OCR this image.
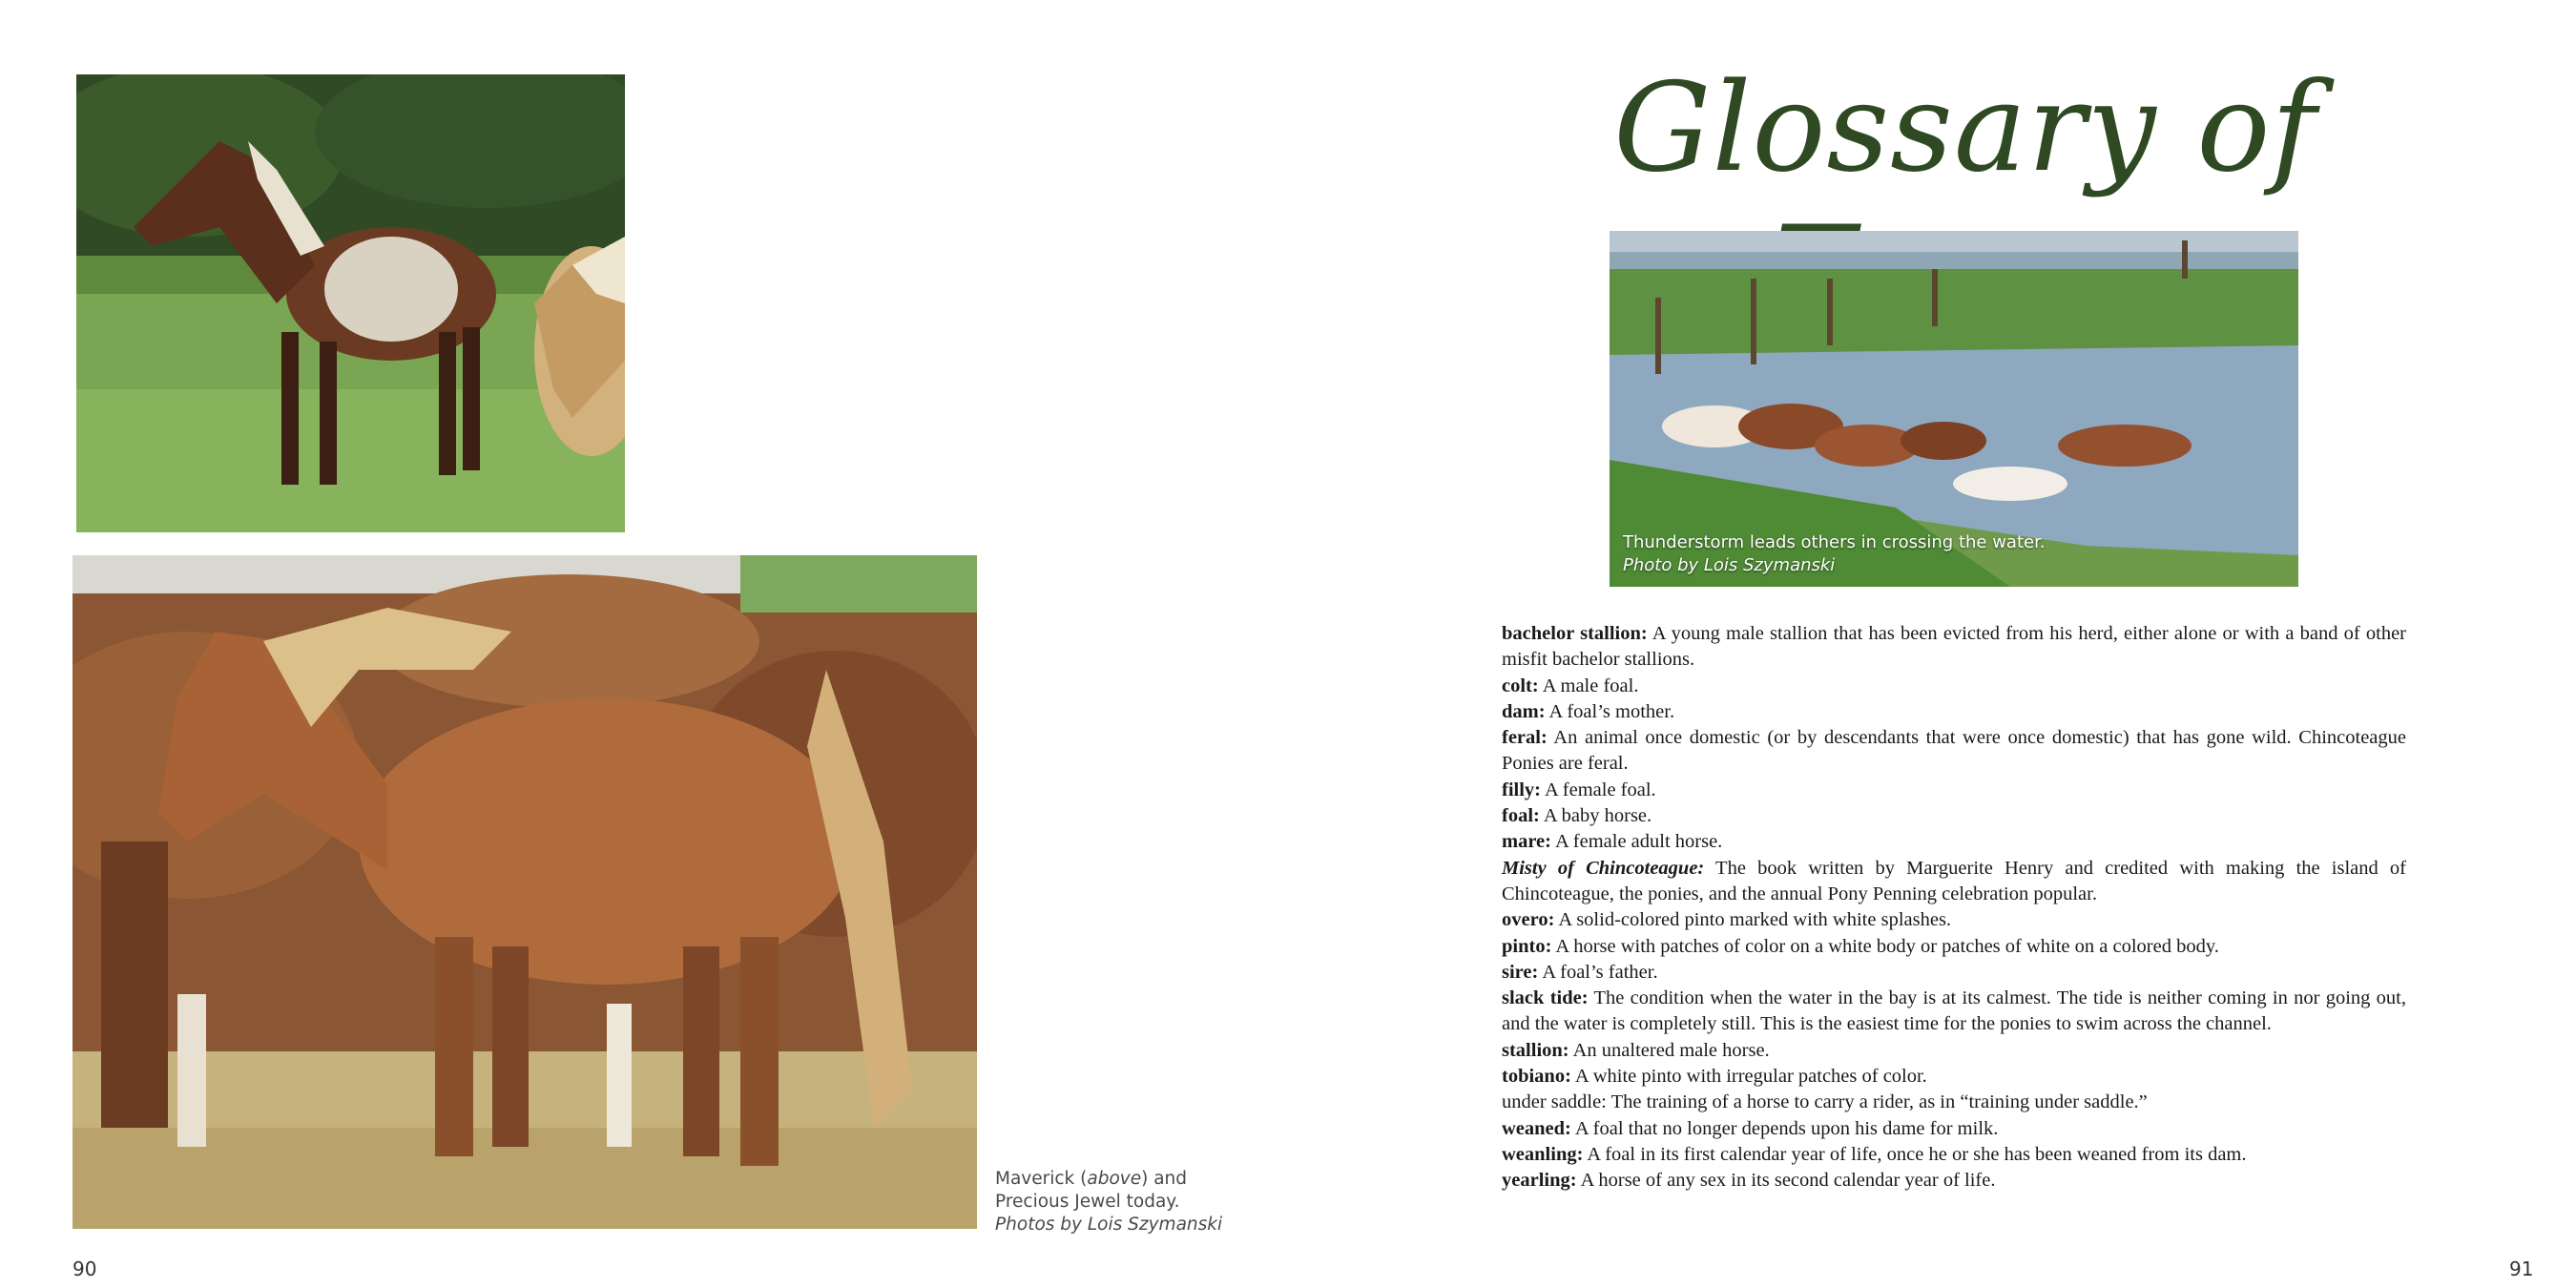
Maverick (above) and
Precious Jewel today.
Photos by Lois Szymanski
90
Glossary of
Thunderstorm leads others in crossing the water.
Photo by Lois Szymanski

bachelor stallion: A young male stallion that has been evicted from his herd, either alone or with a band of other misfit bachelor stallions.

colt: A male foal.

dam: A foal’s mother.

feral: An animal once domestic (or by descendants that were once domestic) that has gone wild. Chincoteague Ponies are feral.

filly: A female foal.

foal: A baby horse.

mare: A female adult horse.

Misty of Chincoteague: The book written by Marguerite Henry and credited with making the island of Chincoteague, the ponies, and the annual Pony Penning celebration popular.

overo: A solid-colored pinto marked with white splashes.

pinto: A horse with patches of color on a white body or patches of white on a colored body.

sire: A foal’s father.

slack tide: The condition when the water in the bay is at its calmest. The tide is neither coming in nor going out, and the water is completely still. This is the easiest time for the ponies to swim across the channel.

stallion: An unaltered male horse.

tobiano: A white pinto with irregular patches of color.

under saddle: The training of a horse to carry a rider, as in “training under saddle.”

weaned: A foal that no longer depends upon his dame for milk.

weanling: A foal in its first calendar year of life, once he or she has been weaned from its dam.

yearling: A horse of any sex in its second calendar year of life.

91
